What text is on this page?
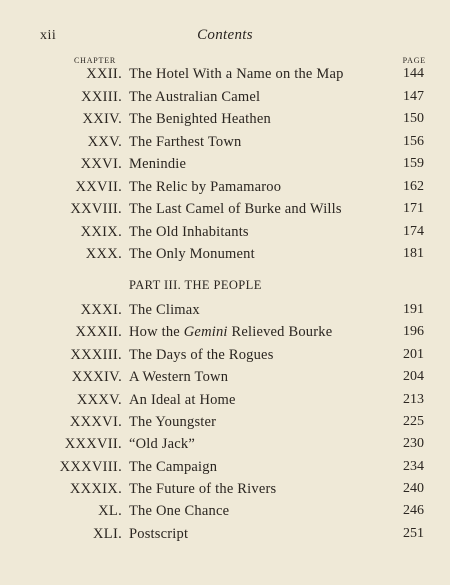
xii	Contents
CHAPTER	PAGE
XXII. The Hotel With a Name on the Map	144
XXIII. The Australian Camel	147
XXIV. The Benighted Heathen	150
XXV. The Farthest Town	156
XXVI. Menindie	159
XXVII. The Relic by Pamamaroo	162
XXVIII. The Last Camel of Burke and Wills	171
XXIX. The Old Inhabitants	174
XXX. The Only Monument	181
PART III. THE PEOPLE
XXXI. The Climax	191
XXXII. How the Gemini Relieved Bourke	196
XXXIII. The Days of the Rogues	201
XXXIV. A Western Town	204
XXXV. An Ideal at Home	213
XXXVI. The Youngster	225
XXXVII. “Old Jack”	230
XXXVIII. The Campaign	234
XXXIX. The Future of the Rivers	240
XL. The One Chance	246
XLI. Postscript	251
